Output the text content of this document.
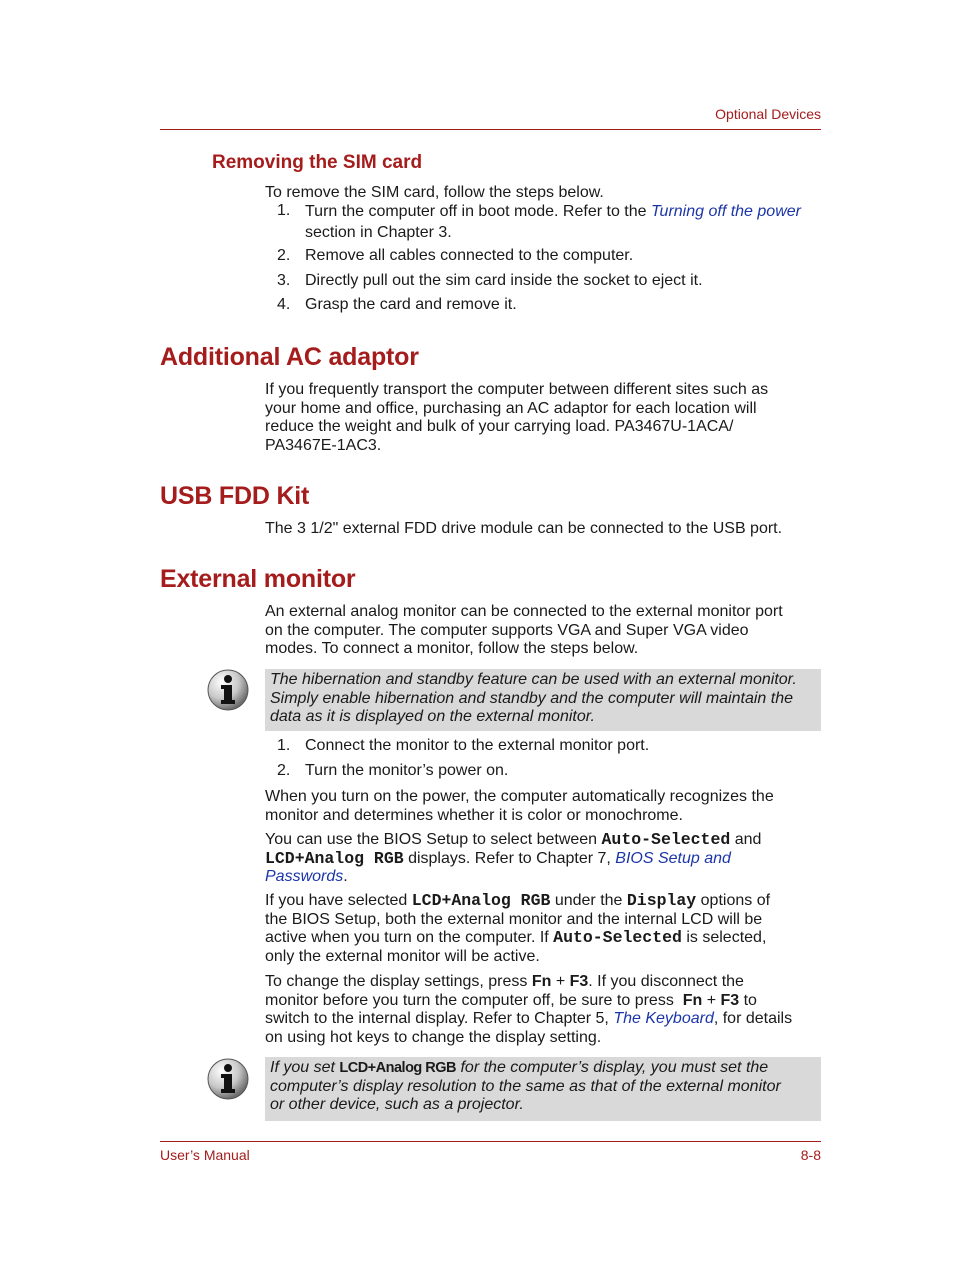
Optional Devices
Removing the SIM card

To remove the SIM card, follow the steps below.

1. Turn the computer off in boot mode. Refer to the Turning off the power
section in Chapter 3.
2. Remove all cables connected to the computer.
3. Directly pull out the sim card inside the socket to eject it.
4. Grasp the card and remove it.
Additional AC adaptor

If you frequently transport the computer between different sites such as
your home and office, purchasing an AC adaptor for each location will
reduce the weight and bulk of your carrying load. PA3467U-1ACA/
PA3467E-1AC3.

USB FDD Kit

The 3 1/2" external FDD drive module can be connected to the USB port.

External monitor

An external analog monitor can be connected to the external monitor port
on the computer. The computer supports VGA and Super VGA video
modes. To connect a monitor, follow the steps below.

The hibernation and standby feature can be used with an external monitor.
Simply enable hibernation and standby and the computer will maintain the
data as it is displayed on the external monitor.
1. Connect the monitor to the external monitor port.
2. Turn the monitor’s power on.

When you turn on the power, the computer automatically recognizes the
monitor and determines whether it is color or monochrome.

You can use the BIOS Setup to select between Auto-Selected and
LCD+Analog RGB displays. Refer to Chapter 7, BIOS Setup and
Passwords.

If you have selected LCD+Analog RGB under the Display options of
the BIOS Setup, both the external monitor and the internal LCD will be
active when you turn on the computer. If Auto-Selected is selected,
only the external monitor will be active.

To change the display settings, press Fn + F3. If you disconnect the
monitor before you turn the computer off, be sure to press  Fn + F3 to
switch to the internal display. Refer to Chapter 5, The Keyboard, for details
on using hot keys to change the display setting.

If you set LCD+Analog RGB for the computer’s display, you must set the
computer’s display resolution to the same as that of the external monitor
or other device, such as a projector.
User’s Manual	8-8
